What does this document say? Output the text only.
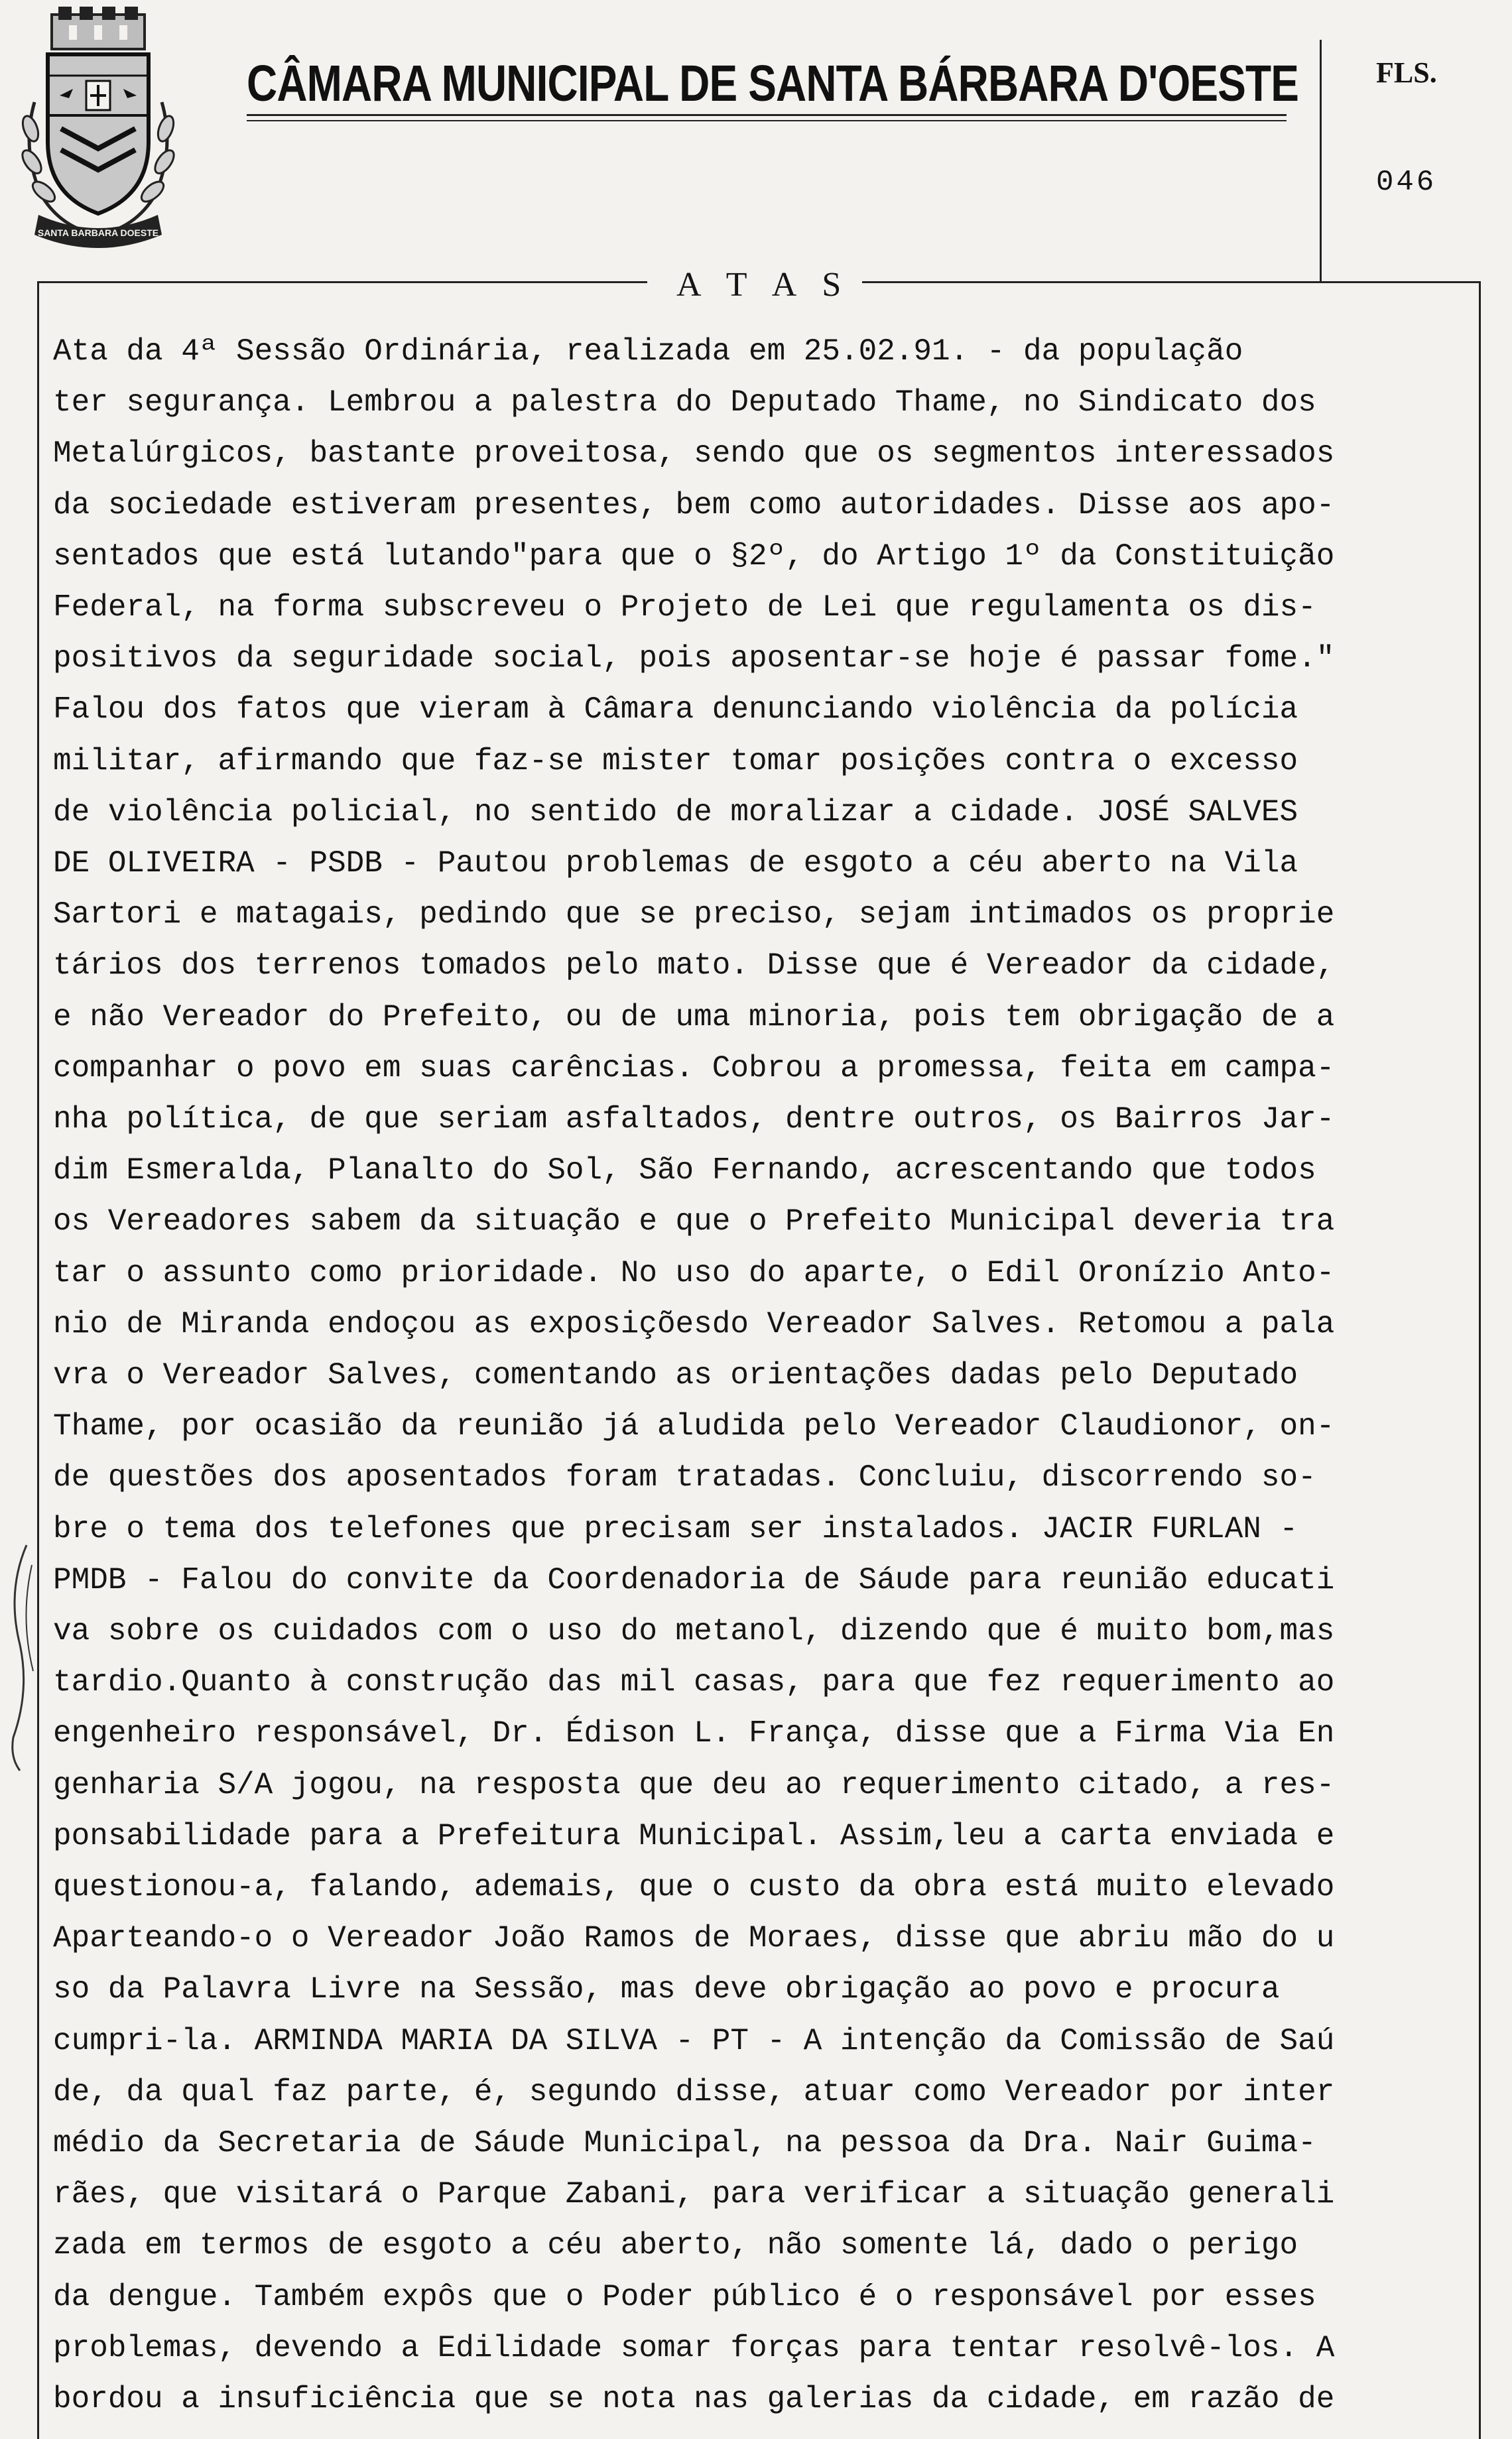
SANTA BARBARA DOESTE
CÂMARA MUNICIPAL DE SANTA BÁRBARA D'OESTE	FLS.
046
A T A S
Ata da 4ª Sessão Ordinária, realizada em 25.02.91. - da população
ter segurança. Lembrou a palestra do Deputado Thame, no Sindicato dos
Metalúrgicos, bastante proveitosa, sendo que os segmentos interessados
da sociedade estiveram presentes, bem como autoridades. Disse aos apo-
sentados que está lutando"para que o §2º, do Artigo 1º da Constituição
Federal, na forma subscreveu o Projeto de Lei que regulamenta os dis-
positivos da seguridade social, pois aposentar-se hoje é passar fome."
Falou dos fatos que vieram à Câmara denunciando violência da polícia
militar, afirmando que faz-se mister tomar posições contra o excesso
de violência policial, no sentido de moralizar a cidade. JOSÉ SALVES
DE OLIVEIRA - PSDB - Pautou problemas de esgoto a céu aberto na Vila
Sartori e matagais, pedindo que se preciso, sejam intimados os proprie
tários dos terrenos tomados pelo mato. Disse que é Vereador da cidade,
e não Vereador do Prefeito, ou de uma minoria, pois tem obrigação de a
companhar o povo em suas carências. Cobrou a promessa, feita em campa-
nha política, de que seriam asfaltados, dentre outros, os Bairros Jar-
dim Esmeralda, Planalto do Sol, São Fernando, acrescentando que todos
os Vereadores sabem da situação e que o Prefeito Municipal deveria tra
tar o assunto como prioridade. No uso do aparte, o Edil Oronízio Anto-
nio de Miranda endoçou as exposiçõesdo Vereador Salves. Retomou a pala
vra o Vereador Salves, comentando as orientações dadas pelo Deputado
Thame, por ocasião da reunião já aludida pelo Vereador Claudionor, on-
de questões dos aposentados foram tratadas. Concluiu, discorrendo so-
bre o tema dos telefones que precisam ser instalados. JACIR FURLAN -
PMDB - Falou do convite da Coordenadoria de Sáude para reunião educati
va sobre os cuidados com o uso do metanol, dizendo que é muito bom,mas
tardio.Quanto à construção das mil casas, para que fez requerimento ao
engenheiro responsável, Dr. Édison L. França, disse que a Firma Via En
genharia S/A jogou, na resposta que deu ao requerimento citado, a res-
ponsabilidade para a Prefeitura Municipal. Assim,leu a carta enviada e
questionou-a, falando, ademais, que o custo da obra está muito elevado
Aparteando-o o Vereador João Ramos de Moraes, disse que abriu mão do u
so da Palavra Livre na Sessão, mas deve obrigação ao povo e procura
cumpri-la. ARMINDA MARIA DA SILVA - PT - A intenção da Comissão de Saú
de, da qual faz parte, é, segundo disse, atuar como Vereador por inter
médio da Secretaria de Sáude Municipal, na pessoa da Dra. Nair Guima-
rães, que visitará o Parque Zabani, para verificar a situação generali
zada em termos de esgoto a céu aberto, não somente lá, dado o perigo
da dengue. Também expôs que o Poder público é o responsável por esses
problemas, devendo a Edilidade somar forças para tentar resolvê-los. A
bordou a insuficiência que se nota nas galerias da cidade, em razão de
